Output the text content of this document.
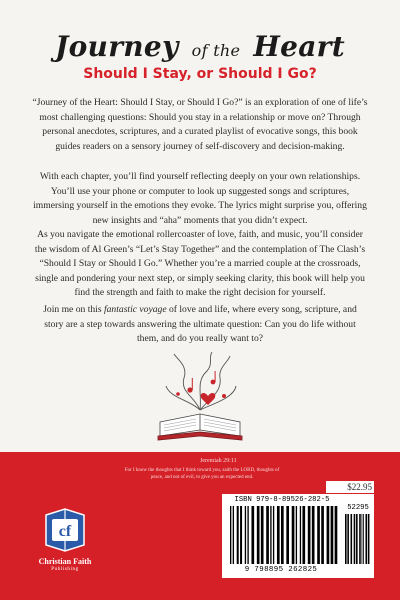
Journey of the Heart
Should I Stay, or Should I Go?
“Journey of the Heart: Should I Stay, or Should I Go?” is an exploration of one of life’s most challenging questions: Should you stay in a relationship or move on? Through personal anecdotes, scriptures, and a curated playlist of evocative songs, this book guides readers on a sensory journey of self-discovery and decision-making.
With each chapter, you’ll find yourself reflecting deeply on your own relationships. You’ll use your phone or computer to look up suggested songs and scriptures, immersing yourself in the emotions they evoke. The lyrics might surprise you, offering new insights and “aha” moments that you didn’t expect.
As you navigate the emotional rollercoaster of love, faith, and music, you’ll consider the wisdom of Al Green’s “Let’s Stay Together” and the contemplation of The Clash’s “Should I Stay or Should I Go.” Whether you’re a married couple at the crossroads, single and pondering your next step, or simply seeking clarity, this book will help you find the strength and faith to make the right decision for yourself.
Join me on this fantastic voyage of love and life, where every song, scripture, and story are a step towards answering the ultimate question: Can you do life without them, and do you really want to?
Jeremiah 29:11
For I know the thoughts that I think toward you, saith the LORD, thoughts of peace, and not of evil, to give you an expected end.
$22.95
ISBN 979-8-89526-282-5
52295
9 798895 262825
cf
Christian Faith
Publishing
